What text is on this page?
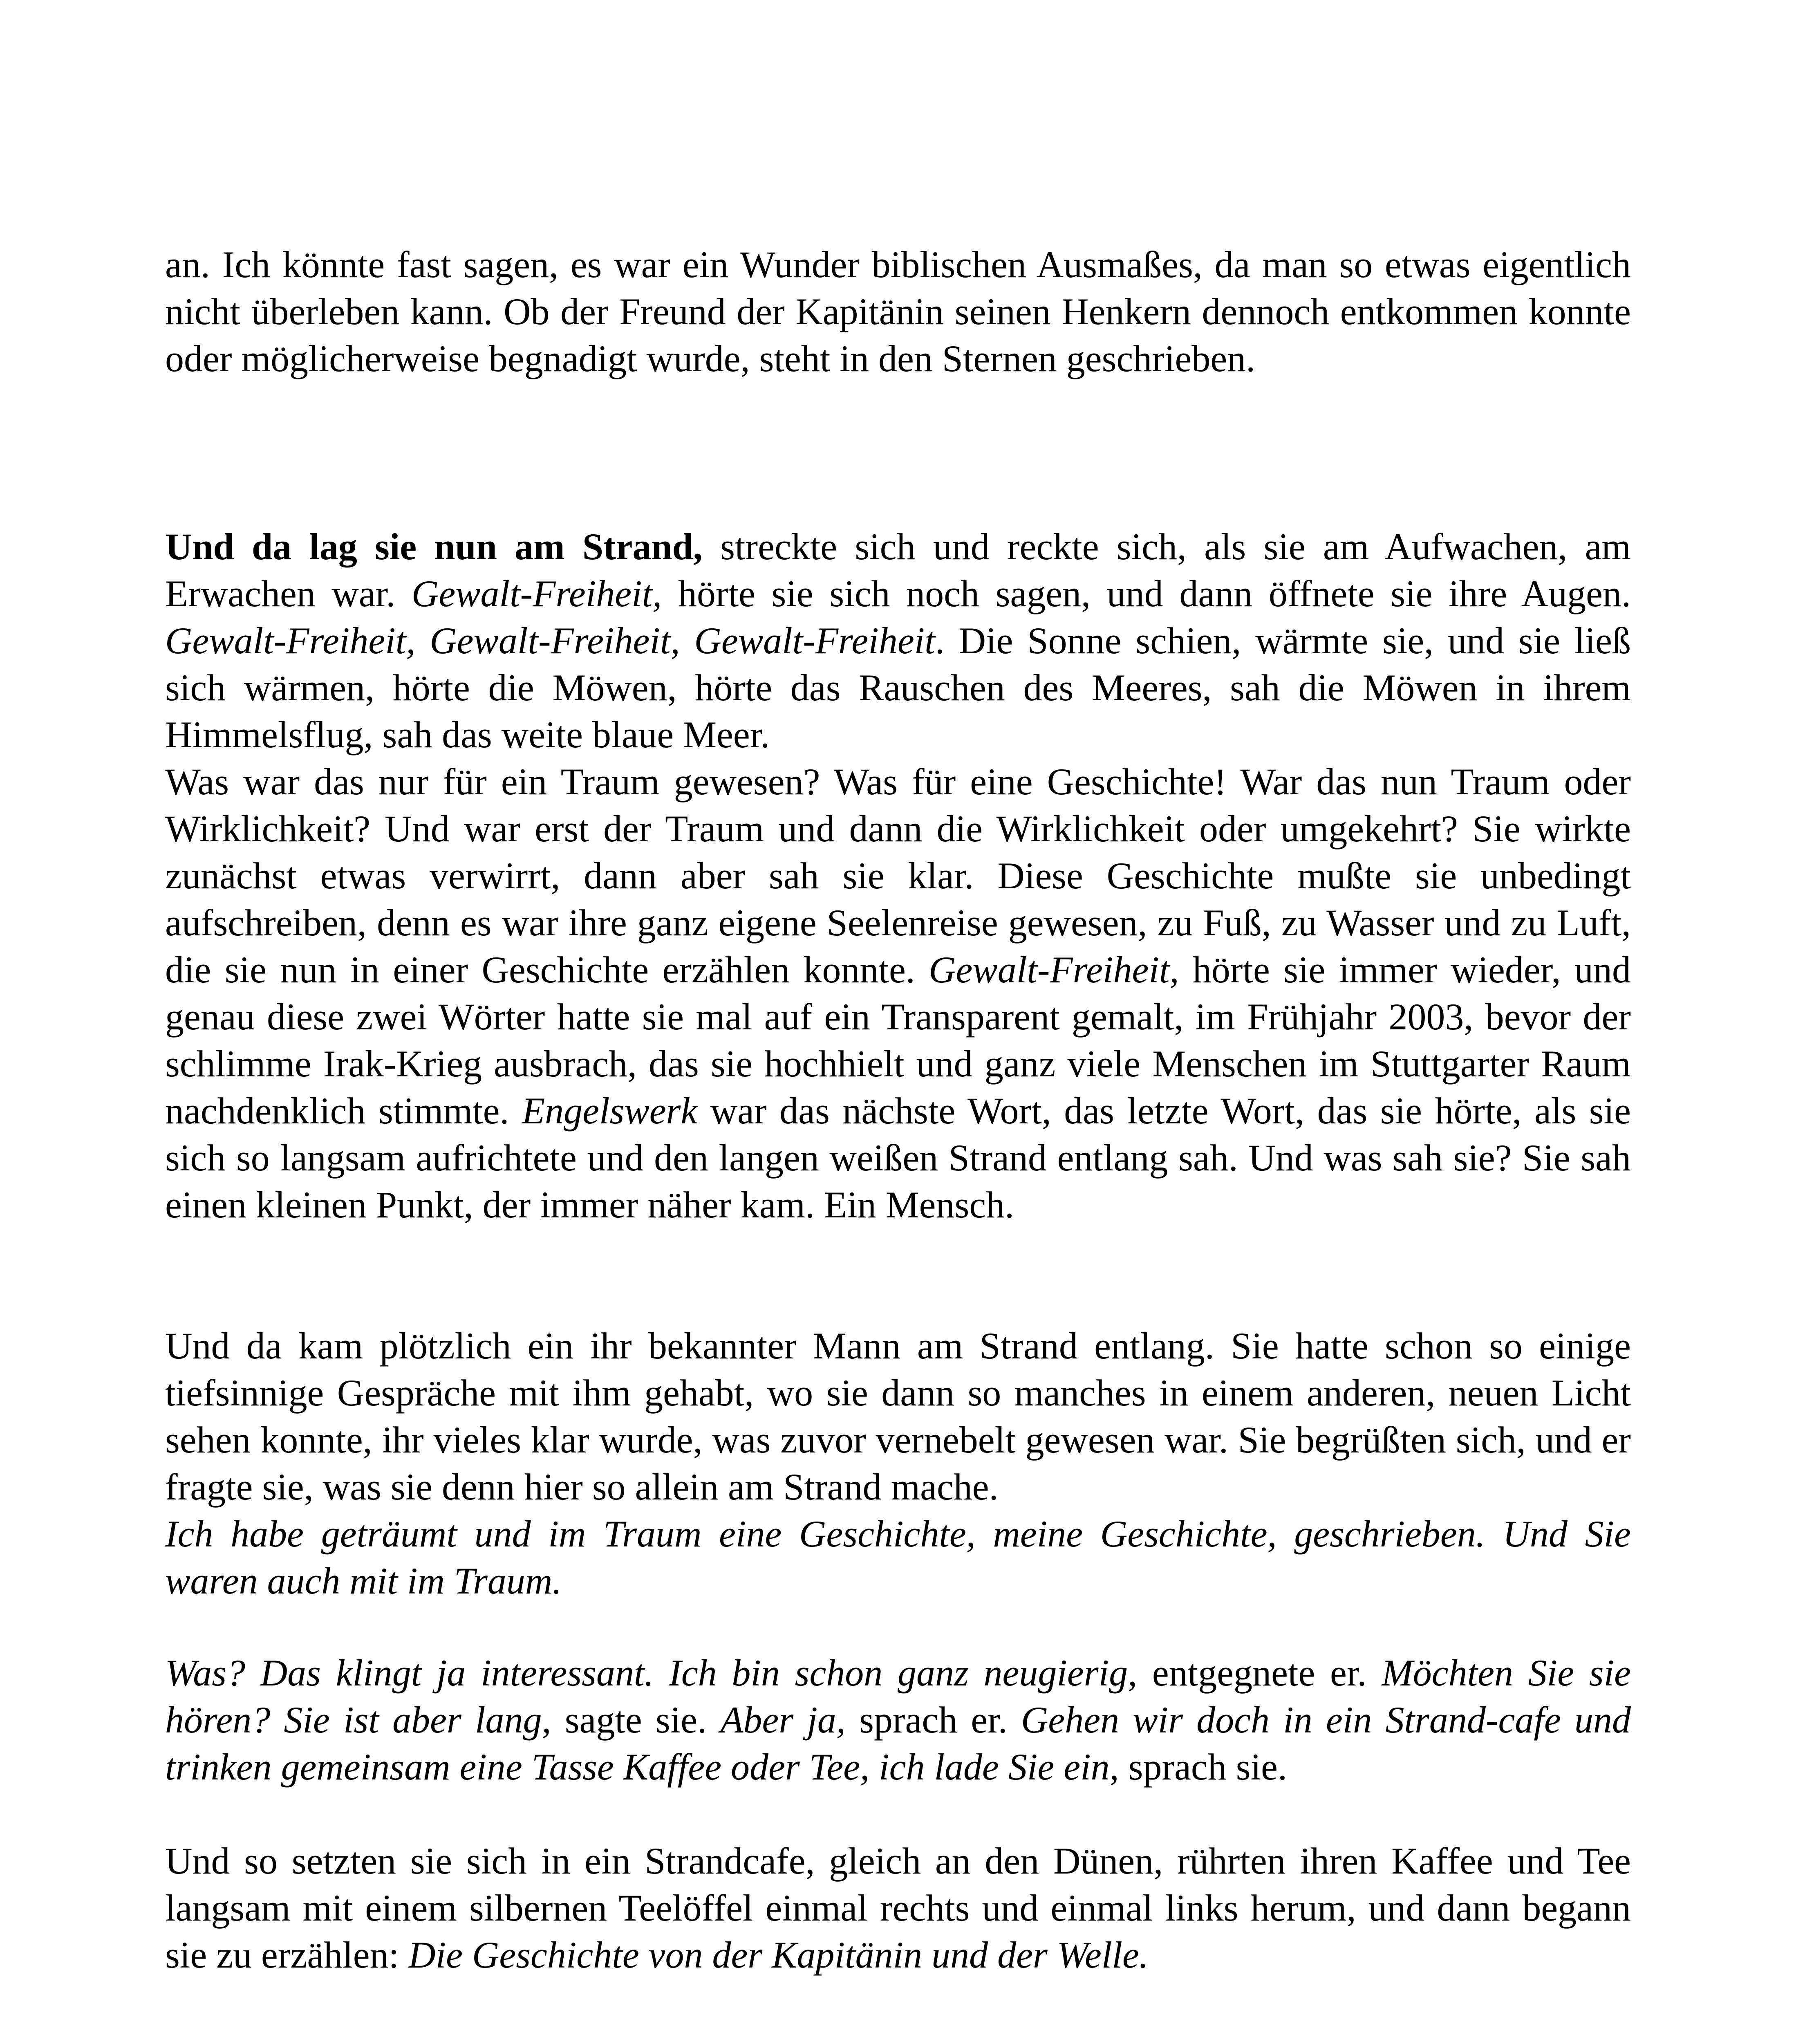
an. Ich könnte fast sagen, es war ein Wunder biblischen Ausmaßes, da man so etwas eigentlich nicht überleben kann. Ob der Freund der Kapitänin seinen Henkern dennoch entkommen konnte oder möglicherweise begnadigt wurde, steht in den Sternen geschrieben.

Und da lag sie nun am Strand, streckte sich und reckte sich, als sie am Aufwachen, am Erwachen war. Gewalt-Freiheit, hörte sie sich noch sagen, und dann öffnete sie ihre Augen. Gewalt-Freiheit, Gewalt-Freiheit, Gewalt-Freiheit. Die Sonne schien, wärmte sie, und sie ließ sich wärmen, hörte die Möwen, hörte das Rauschen des Meeres, sah die Möwen in ihrem Himmelsflug, sah das weite blaue Meer.
Was war das nur für ein Traum gewesen? Was für eine Geschichte! War das nun Traum oder Wirklichkeit? Und war erst der Traum und dann die Wirklichkeit oder umgekehrt? Sie wirkte zunächst etwas verwirrt, dann aber sah sie klar. Diese Geschichte mußte sie unbedingt aufschreiben, denn es war ihre ganz eigene Seelenreise gewesen, zu Fuß, zu Wasser und zu Luft, die sie nun in einer Geschichte erzählen konnte. Gewalt-Freiheit, hörte sie immer wieder, und genau diese zwei Wörter hatte sie mal auf ein Transparent gemalt, im Frühjahr 2003, bevor der schlimme Irak-Krieg ausbrach, das sie hochhielt und ganz viele Menschen im Stuttgarter Raum nachdenklich stimmte. Engelswerk war das nächste Wort, das letzte Wort, das sie hörte, als sie sich so langsam aufrichtete und den langen weißen Strand entlang sah. Und was sah sie? Sie sah einen kleinen Punkt, der immer näher kam. Ein Mensch.

Und da kam plötzlich ein ihr bekannter Mann am Strand entlang. Sie hatte schon so einige tiefsinnige Gespräche mit ihm gehabt, wo sie dann so manches in einem anderen, neuen Licht sehen konnte, ihr vieles klar wurde, was zuvor vernebelt gewesen war. Sie begrüßten sich, und er fragte sie, was sie denn hier so allein am Strand mache.
Ich habe geträumt und im Traum eine Geschichte, meine Geschichte, geschrieben. Und Sie waren auch mit im Traum.

Was? Das klingt ja interessant. Ich bin schon ganz neugierig, entgegnete er. Möchten Sie sie hören? Sie ist aber lang, sagte sie. Aber ja, sprach er. Gehen wir doch in ein Strand-cafe und trinken gemeinsam eine Tasse Kaffee oder Tee, ich lade Sie ein, sprach sie.

Und so setzten sie sich in ein Strandcafe, gleich an den Dünen, rührten ihren Kaffee und Tee langsam mit einem silbernen Teelöffel einmal rechts und einmal links herum, und dann begann sie zu erzählen: Die Geschichte von der Kapitänin und der Welle.
